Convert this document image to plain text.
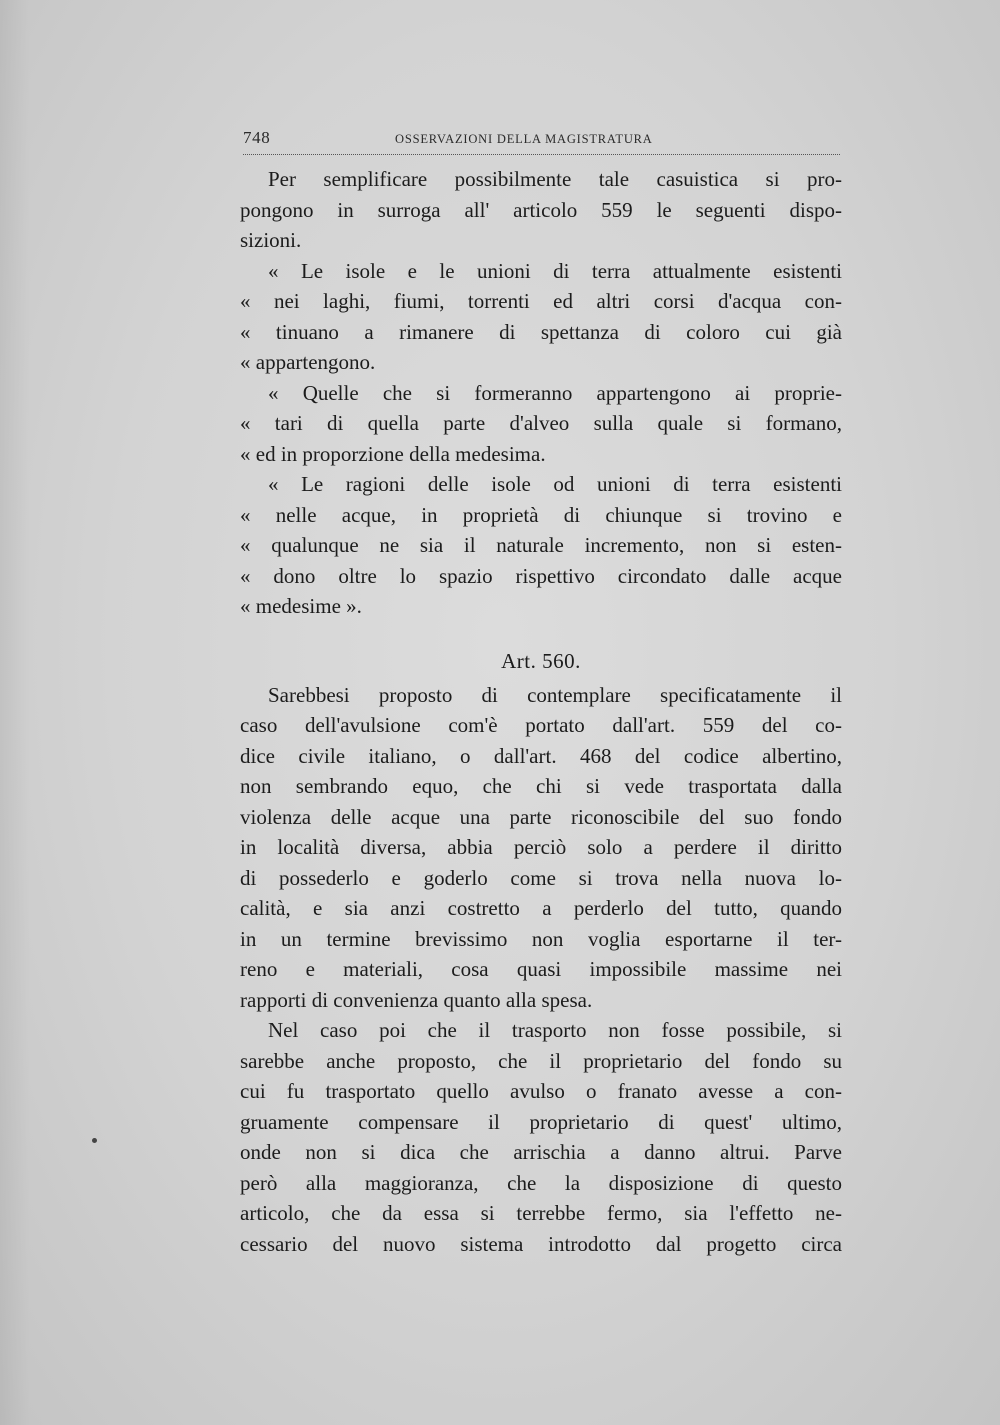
748	OSSERVAZIONI DELLA MAGISTRATURA
Per semplificare possibilmente tale casuistica si pro-
pongono in surroga all' articolo 559 le seguenti dispo-
sizioni.
« Le isole e le unioni di terra attualmente esistenti
« nei laghi, fiumi, torrenti ed altri corsi d'acqua con-
« tinuano a rimanere di spettanza di coloro cui già
« appartengono.
« Quelle che si formeranno appartengono ai proprie-
« tari di quella parte d'alveo sulla quale si formano,
« ed in proporzione della medesima.
« Le ragioni delle isole od unioni di terra esistenti
« nelle acque, in proprietà di chiunque si trovino e
« qualunque ne sia il naturale incremento, non si esten-
« dono oltre lo spazio rispettivo circondato dalle acque
« medesime ».
Art. 560.
Sarebbesi proposto di contemplare specificatamente il
caso dell'avulsione com'è portato dall'art. 559 del co-
dice civile italiano, o dall'art. 468 del codice albertino,
non sembrando equo, che chi si vede trasportata dalla
violenza delle acque una parte riconoscibile del suo fondo
in località diversa, abbia perciò solo a perdere il diritto
di possederlo e goderlo come si trova nella nuova lo-
calità, e sia anzi costretto a perderlo del tutto, quando
in un termine brevissimo non voglia esportarne il ter-
reno e materiali, cosa quasi impossibile massime nei
rapporti di convenienza quanto alla spesa.
Nel caso poi che il trasporto non fosse possibile, si
sarebbe anche proposto, che il proprietario del fondo su
cui fu trasportato quello avulso o franato avesse a con-
gruamente compensare il proprietario di quest' ultimo,
onde non si dica che arrischia a danno altrui. Parve
però alla maggioranza, che la disposizione di questo
articolo, che da essa si terrebbe fermo, sia l'effetto ne-
cessario del nuovo sistema introdotto dal progetto circa
